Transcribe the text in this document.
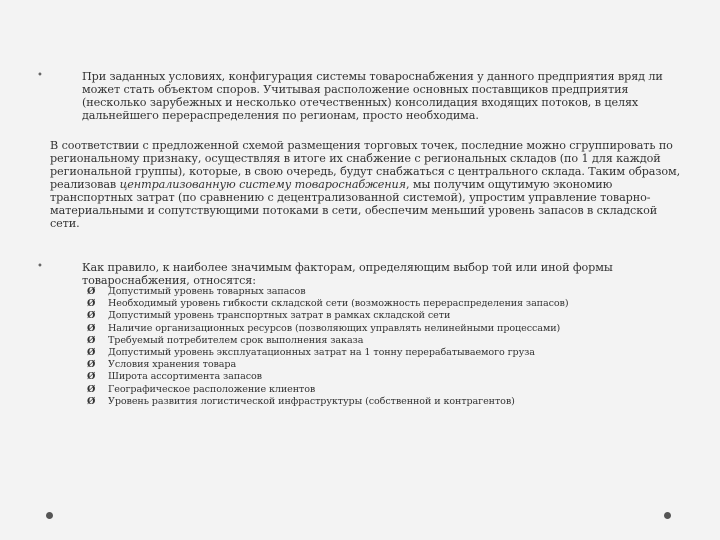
•	При заданных условиях, конфигурация системы товароснабжения у данного предприятия вряд ли может стать объектом споров. Учитывая расположение основных поставщиков предприятия (несколько зарубежных и несколько отечественных) консолидация входящих потоков, в целях дальнейшего перераспределения по регионам, просто необходима.
В соответствии с предложенной схемой размещения торговых точек, последние можно сгруппировать по региональному признаку, осуществляя в итоге их снабжение с региональных складов (по 1 для каждой региональной группы), которые, в свою очередь, будут снабжаться с центрального склада. Таким образом, реализовав централизованную систему товароснабжения, мы получим ощутимую экономию транспортных затрат (по сравнению с децентрализованной системой), упростим управление товарно-материальными и сопутствующими потоками в сети, обеспечим меньший уровень запасов в складской сети.
•	Как правило, к наиболее значимым факторам, определяющим выбор той или иной формы товароснабжения, относятся:
Ø Допустимый уровень товарных запасов
Ø Необходимый уровень гибкости складской сети (возможность перераспределения запасов)
Ø Допустимый уровень транспортных затрат в рамках складской сети
Ø Наличие организационных ресурсов (позволяющих управлять нелинейными процессами)
Ø Требуемый потребителем срок выполнения заказа
Ø Допустимый уровень эксплуатационных затрат на 1 тонну перерабатываемого груза
Ø Условия хранения товара
Ø Широта ассортимента запасов
Ø Географическое расположение клиентов
Ø Уровень развития логистической инфраструктуры (собственной и контрагентов)
